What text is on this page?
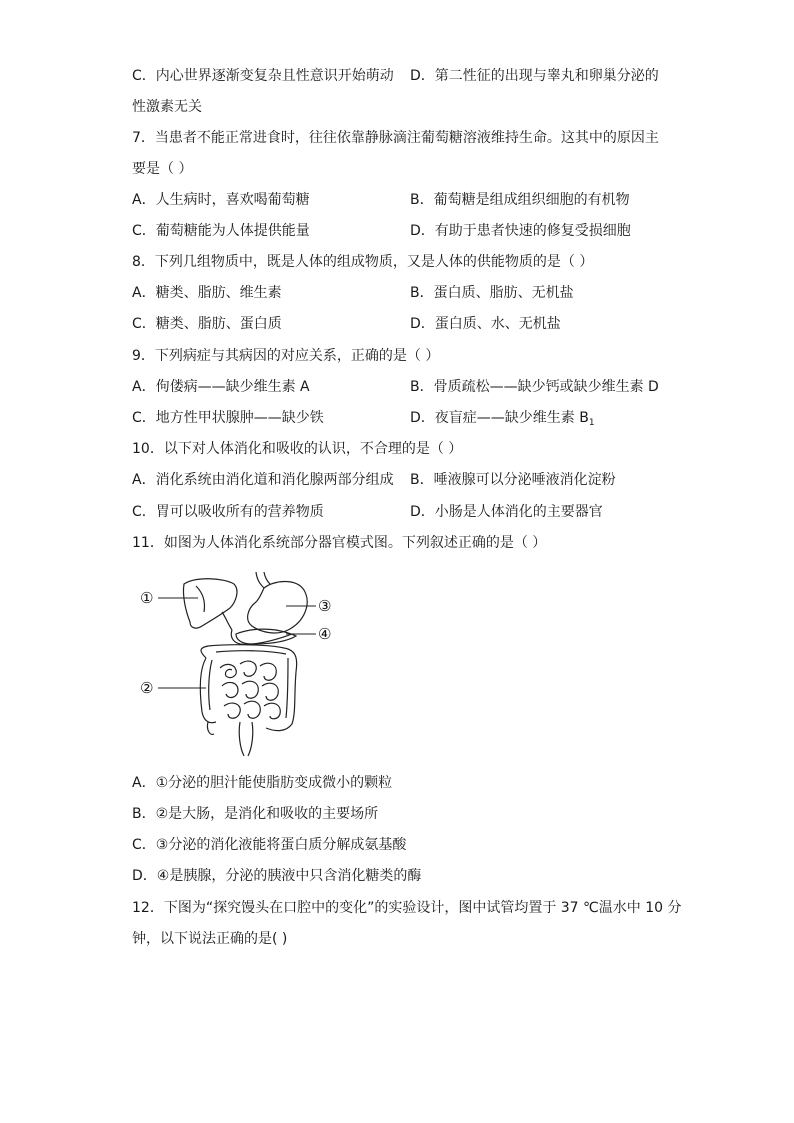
C．内心世界逐渐变复杂且性意识开始萌动 D．第二性征的出现与睾丸和卵巢分泌的
性激素无关
7．当患者不能正常进食时，往往依靠静脉滴注葡萄糖溶液维持生命。这其中的原因主
要是（ ）
A．人生病时，喜欢喝葡萄糖	B．葡萄糖是组成组织细胞的有机物
C．葡萄糖能为人体提供能量	D．有助于患者快速的修复受损细胞
8．下列几组物质中，既是人体的组成物质，又是人体的供能物质的是（ ）
A．糖类、脂肪、维生素	B．蛋白质、脂肪、无机盐
C．糖类、脂肪、蛋白质	D．蛋白质、水、无机盐
9．下列病症与其病因的对应关系，正确的是（ ）
A．佝偻病——缺少维生素 A	B．骨质疏松——缺少钙或缺少维生素 D
C．地方性甲状腺肿——缺少铁	D．夜盲症——缺少维生素 $B_1$
10．以下对人体消化和吸收的认识，不合理的是（ ）
A．消化系统由消化道和消化腺两部分组成 B．唾液腺可以分泌唾液消化淀粉
C．胃可以吸收所有的营养物质	D．小肠是人体消化的主要器官
11．如图为人体消化系统部分器官模式图。下列叙述正确的是（ ）
①
②
③
④
A．①分泌的胆汁能使脂肪变成微小的颗粒
B．②是大肠，是消化和吸收的主要场所
C．③分泌的消化液能将蛋白质分解成氨基酸
D．④是胰腺，分泌的胰液中只含消化糖类的酶
12．下图为“探究馒头在口腔中的变化”的实验设计，图中试管均置于 37 ℃温水中 10 分
钟，以下说法正确的是( )
